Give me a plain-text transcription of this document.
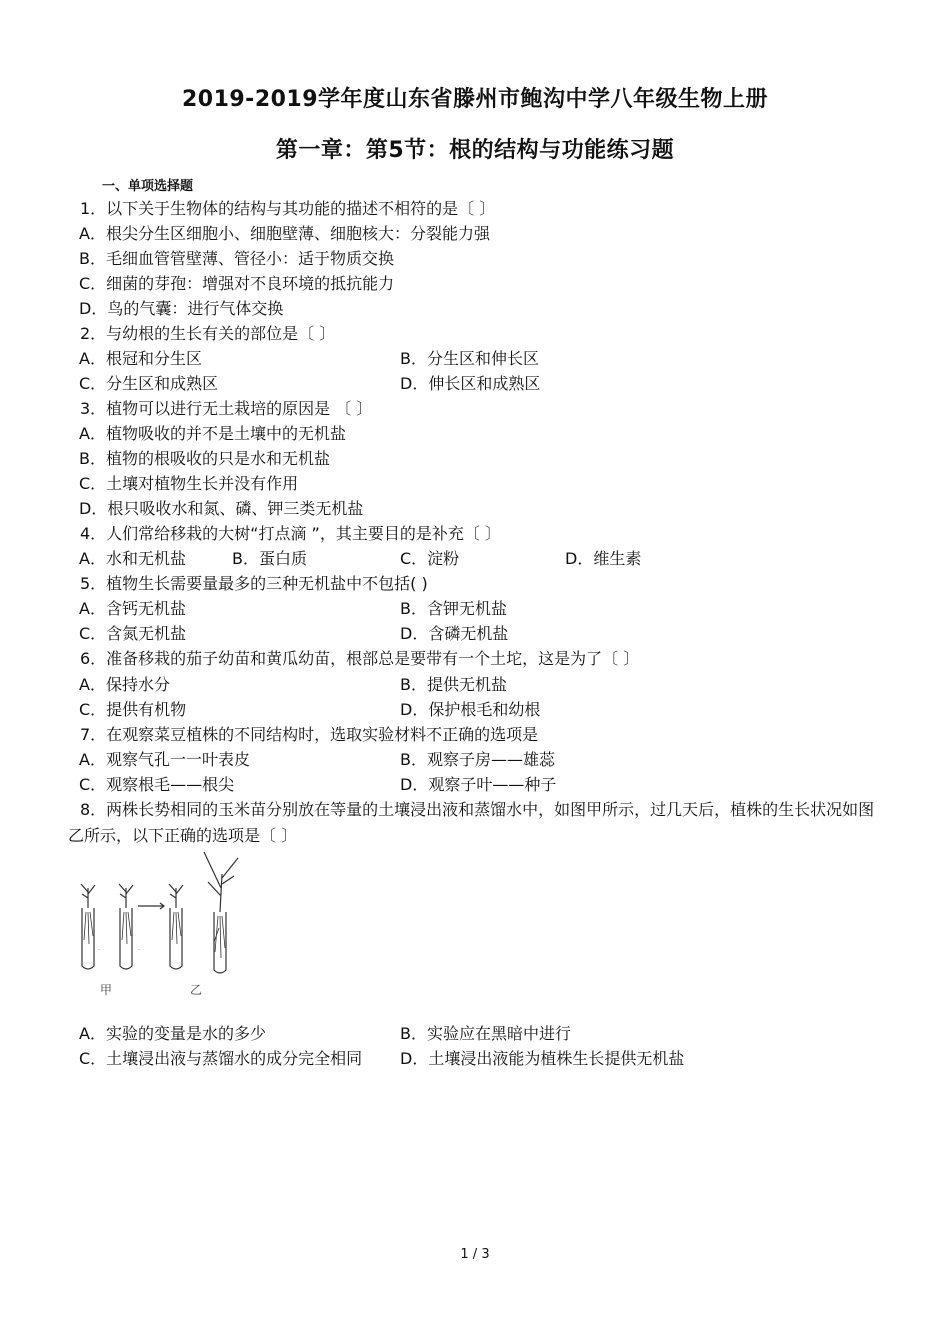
2019-2019学年度山东省滕州市鲍沟中学八年级生物上册
第一章：第5节：根的结构与功能练习题
一、单项选择题
1．以下关于生物体的结构与其功能的描述不相符的是〔 〕
A．根尖分生区细胞小、细胞壁薄、细胞核大：分裂能力强
B．毛细血管管壁薄、管径小：适于物质交换
C．细菌的芽孢：增强对不良环境的抵抗能力
D．鸟的气囊：进行气体交换
2．与幼根的生长有关的部位是〔 〕
A．根冠和分生区	B．分生区和伸长区
C．分生区和成熟区	D．伸长区和成熟区
3．植物可以进行无土栽培的原因是 〔 〕
A．植物吸收的并不是土壤中的无机盐
B．植物的根吸收的只是水和无机盐
C．土壤对植物生长并没有作用
D．根只吸收水和氮、磷、钾三类无机盐
4．人们常给移栽的大树“打点滴 ”，其主要目的是补充〔 〕
A．水和无机盐	B．蛋白质	C．淀粉	D．维生素
5．植物生长需要量最多的三种无机盐中不包括( )
A．含钙无机盐	B．含钾无机盐
C．含氮无机盐	D．含磷无机盐
6．准备移栽的茄子幼苗和黄瓜幼苗，根部总是要带有一个土坨，这是为了〔 〕
A．保持水分	B．提供无机盐
C．提供有机物	D．保护根毛和幼根
7．在观察菜豆植株的不同结构时，选取实验材料不正确的选项是
A．观察气孔一一叶表皮	B．观察子房——雄蕊
C．观察根毛——根尖	D．观察子叶——种子
8．两株长势相同的玉米苗分别放在等量的土壤浸出液和蒸馏水中，如图甲所示，过几天后，植株的生长状况如图乙所示，以下正确的选项是〔 〕
·	·
甲	乙
A．实验的变量是水的多少	B．实验应在黑暗中进行
C．土壤浸出液与蒸馏水的成分完全相同 D．土壤浸出液能为植株生长提供无机盐
1 / 3
